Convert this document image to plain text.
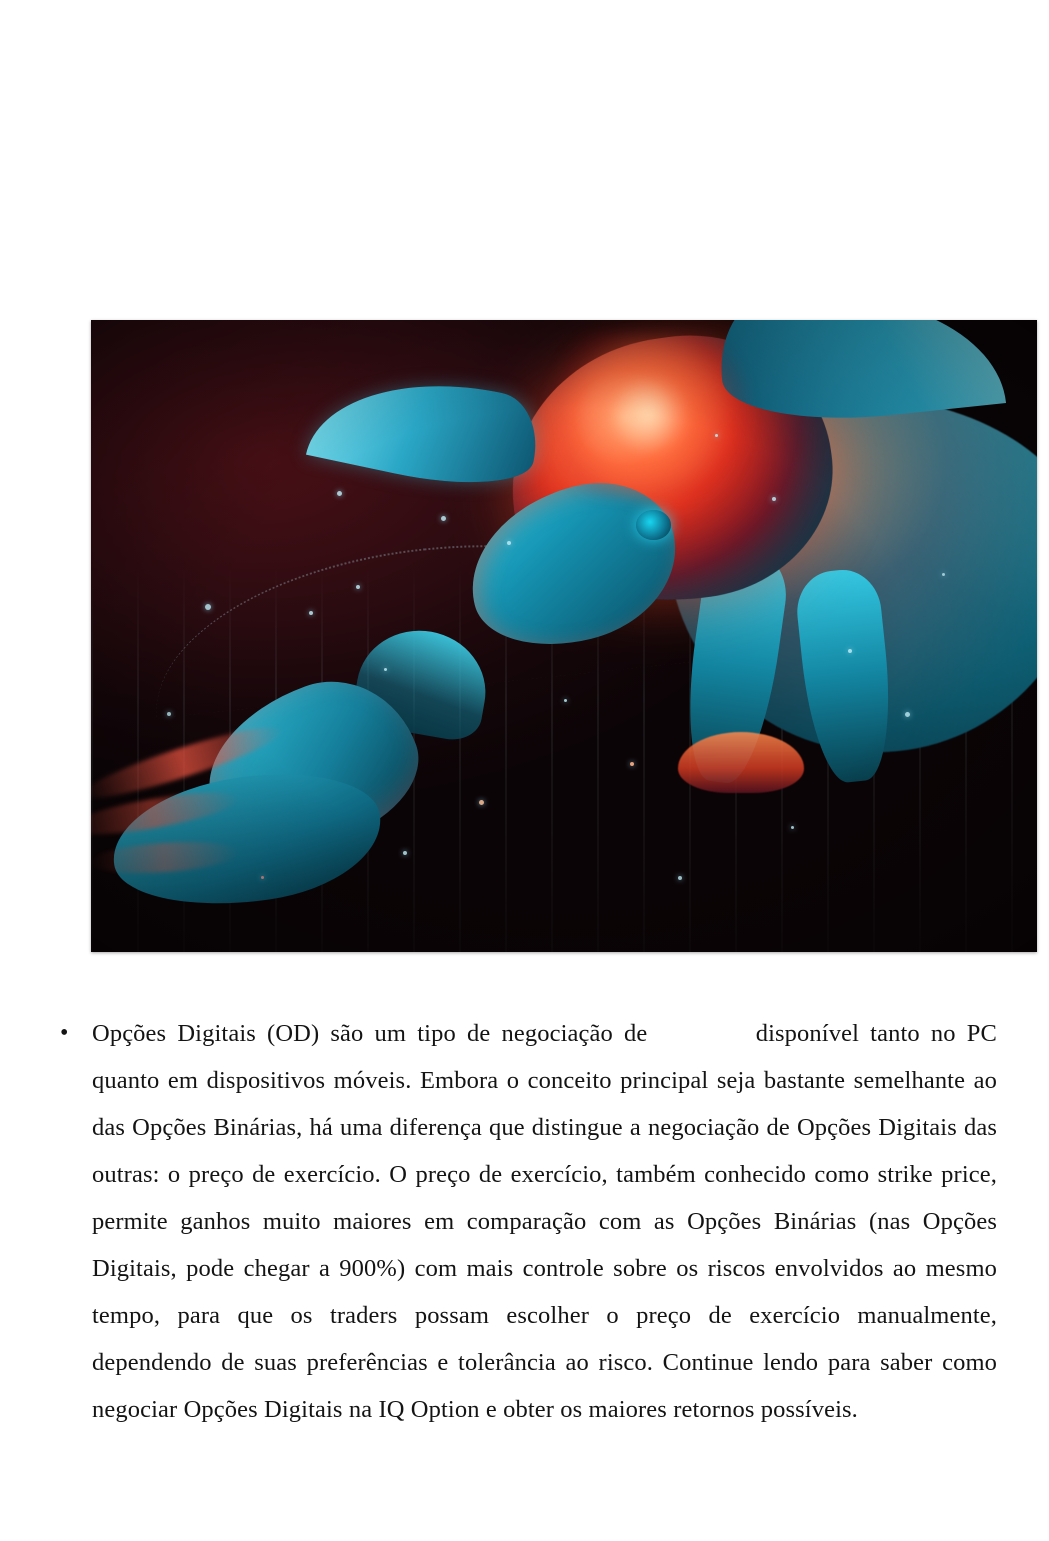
• Opções Digitais (OD) são um tipo de negociação de	disponível tanto no PC quanto em dispositivos móveis. Embora o conceito principal seja bastante semelhante ao das Opções Binárias, há uma diferença que distingue a negociação de Opções Digitais das outras: o preço de exercício. O preço de exercício, também conhecido como strike price, permite ganhos muito maiores em comparação com as Opções Binárias (nas Opções Digitais, pode chegar a 900%) com mais controle sobre os riscos envolvidos ao mesmo tempo, para que os traders possam escolher o preço de exercício manualmente, dependendo de suas preferências e tolerância ao risco. Continue lendo para saber como negociar Opções Digitais na IQ Option e obter os maiores retornos possíveis.
